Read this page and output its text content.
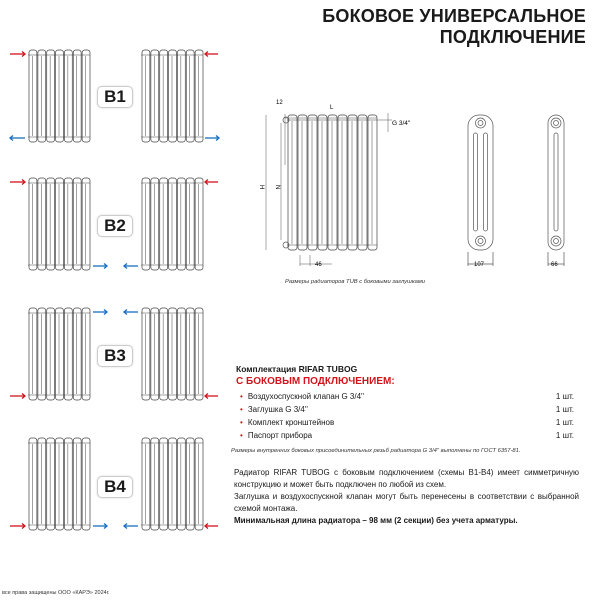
БОКОВОЕ УНИВЕРСАЛЬНОЕ
ПОДКЛЮЧЕНИЕ
B1
B2
B3
B4
12
L
G 3/4''
H N
46	107	66
Размеры радиаторов TUB с боковыми заглушками
Комплектация RIFAR TUBOG
С БОКОВЫМ ПОДКЛЮЧЕНИЕМ:
• Воздухоспускной клапан G 3/4''	1 шт.
• Заглушка G 3/4''	1 шт.
• Комплект кронштейнов	1 шт.
• Паспорт прибора	1 шт.
Размеры внутренних боковых присоединительных резьб радиатора G 3/4'' выполнены по ГОСТ 6357-81.
Радиатор RIFAR TUBOG с боковым подключением (схемы B1-B4) имеет симметричную конструкцию и может быть подключен по любой из схем.
Заглушка и воздухоспускной клапан могут быть перенесены в соответствии с выбранной схемой монтажа.
Минимальная длина радиатора – 98 мм (2 секции) без учета арматуры.
все права защищены ООО «КАРЭ» 2024г.
